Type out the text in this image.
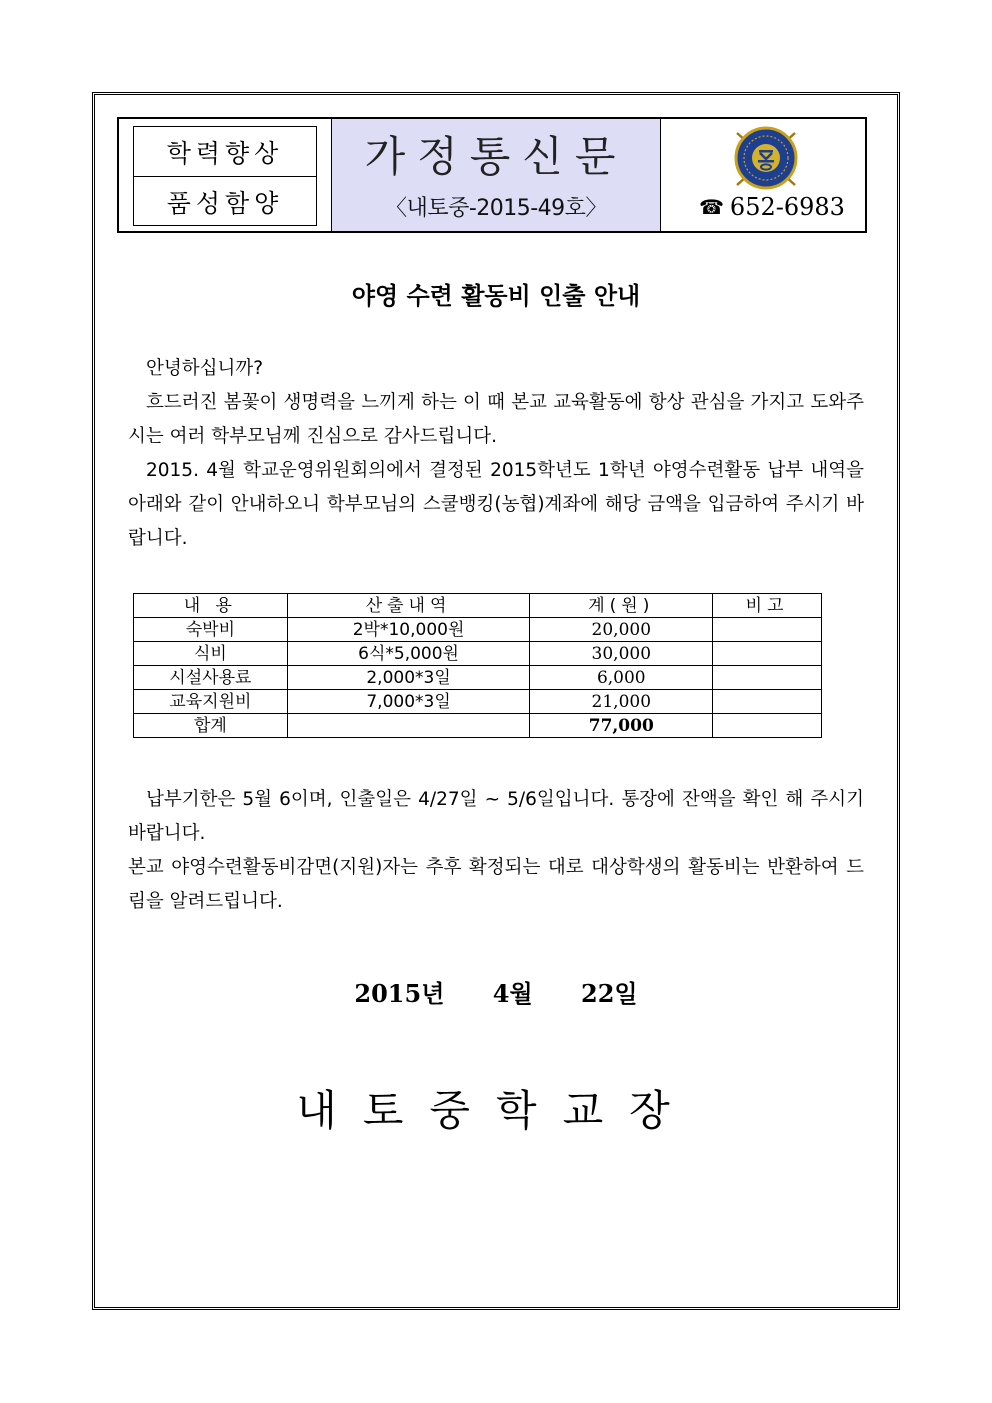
학력향상
품성함양
가정통신문
〈내토중-2015-49호〉	☎ 652-6983
야영 수련 활동비 인출 안내

안녕하십니까?

흐드러진 봄꽃이 생명력을 느끼게 하는 이 때 본교 교육활동에 항상 관심을 가지고 도와주시는 여러 학부모님께 진심으로 감사드립니다.

2015. 4월 학교운영위원회의에서 결정된 2015학년도 1학년 야영수련활동 납부 내역을 아래와 같이 안내하오니 학부모님의 스쿨뱅킹(농협)계좌에 해당 금액을 입금하여 주시기 바랍니다.

내 용	산출내역	계(원)	비고
숙박비	2박*10,000원	20,000	
식비	6식*5,000원	30,000	
시설사용료	2,000*3일	6,000	
교육지원비	7,000*3일	21,000	
합계		77,000	

납부기한은 5월 6이며, 인출일은 4/27일 ~ 5/6일입니다. 통장에 잔액을 확인 해 주시기 바랍니다.

본교 야영수련활동비감면(지원)자는 추후 확정되는 대로 대상학생의 활동비는 반환하여 드림을 알려드립니다.

2015년 4월 22일
내토중학교장
